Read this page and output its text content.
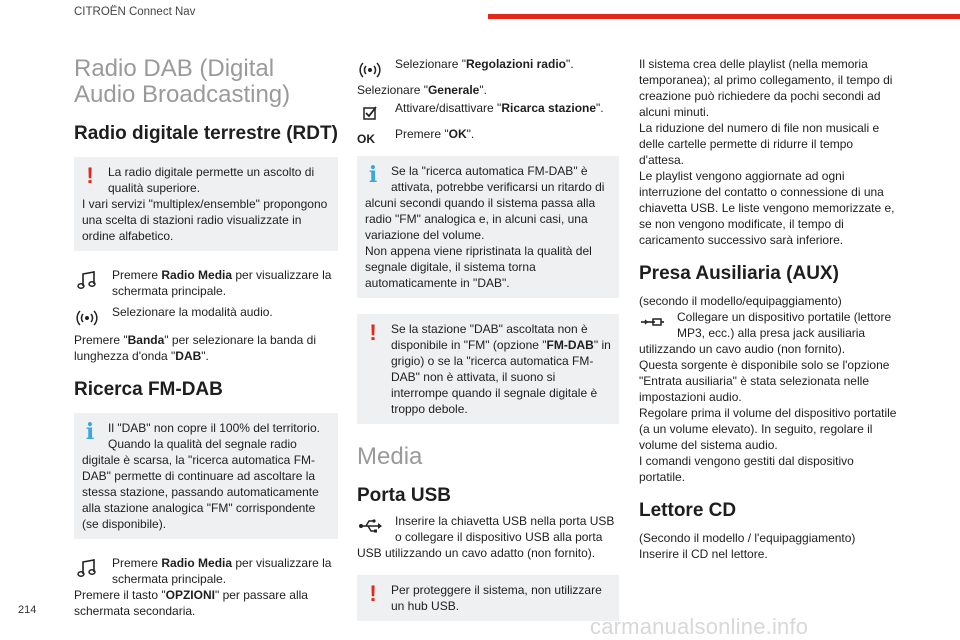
CITROËN Connect Nav
Radio DAB (Digital Audio Broadcasting)
Radio digitale terrestre (RDT)
!	La radio digitale permette un ascolto di qualità superiore.

I vari servizi "multiplex/ensemble" propongono una scelta di stazioni radio visualizzate in ordine alfabetico.

Premere Radio Media per visualizzare la schermata principale.

Selezionare la modalità audio.

Premere "Banda" per selezionare la banda di lunghezza d'onda "DAB".

Ricerca FM-DAB
i	Il "DAB" non copre il 100% del territorio. Quando la qualità del segnale radio

digitale è scarsa, la "ricerca automatica FM-DAB" permette di continuare ad ascoltare la stessa stazione, passando automaticamente alla stazione analogica "FM" corrispondente (se disponibile).

Premere Radio Media per visualizzare la schermata principale.

Premere il tasto "OPZIONI" per passare alla schermata secondaria.

Selezionare "Regolazioni radio".

Selezionare "Generale".

Attivare/disattivare "Ricarca stazione".

OK	Premere "OK".

i	Se la "ricerca automatica FM-DAB" è attivata, potrebbe verificarsi un ritardo di

alcuni secondi quando il sistema passa alla radio "FM" analogica e, in alcuni casi, una variazione del volume.

Non appena viene ripristinata la qualità del segnale digitale, il sistema torna automaticamente in "DAB".

!	Se la stazione "DAB" ascoltata non è disponibile in "FM" (opzione "FM-DAB" in grigio) o se la "ricerca automatica FM-DAB" non è attivata, il suono si interrompe quando il segnale digitale è troppo debole.

Media
Porta USB

Inserire la chiavetta USB nella porta USB o collegare il dispositivo USB alla porta

USB utilizzando un cavo adatto (non fornito).

!	Per proteggere il sistema, non utilizzare un hub USB.

Il sistema crea delle playlist (nella memoria temporanea); al primo collegamento, il tempo di creazione può richiedere da pochi secondi ad alcuni minuti.

La riduzione del numero di file non musicali e delle cartelle permette di ridurre il tempo d'attesa.

Le playlist vengono aggiornate ad ogni interruzione del contatto o connessione di una chiavetta USB. Le liste vengono memorizzate e, se non vengono modificate, il tempo di caricamento successivo sarà inferiore.

Presa Ausiliaria (AUX)

(secondo il modello/equipaggiamento)

Collegare un dispositivo portatile (lettore MP3, ecc.) alla presa jack ausiliaria

utilizzando un cavo audio (non fornito).

Questa sorgente è disponibile solo se l'opzione "Entrata ausiliaria" è stata selezionata nelle impostazioni audio.

Regolare prima il volume del dispositivo portatile (a un volume elevato). In seguito, regolare il volume del sistema audio.

I comandi vengono gestiti dal dispositivo portatile.

Lettore CD

(Secondo il modello / l'equipaggiamento)

Inserire il CD nel lettore.

214
carmanualsonline.info
